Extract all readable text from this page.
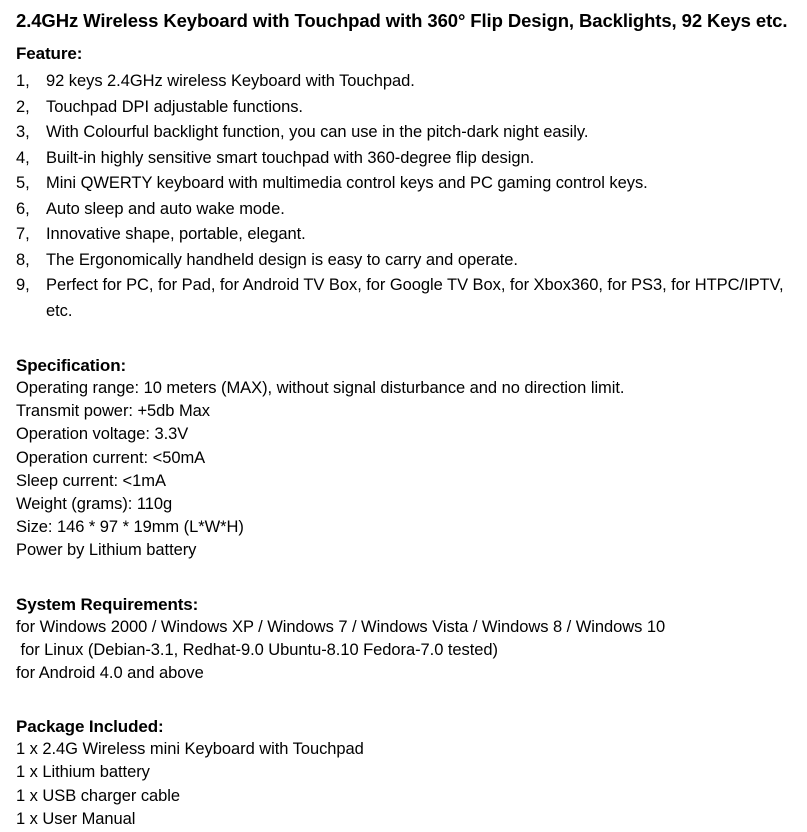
2.4GHz Wireless Keyboard with Touchpad with 360° Flip Design, Backlights, 92 Keys etc.
Feature:
1, 92 keys 2.4GHz wireless Keyboard with Touchpad.
2, Touchpad DPI adjustable functions.
3, With Colourful backlight function, you can use in the pitch-dark night easily.
4, Built-in highly sensitive smart touchpad with 360-degree flip design.
5, Mini QWERTY keyboard with multimedia control keys and PC gaming control keys.
6, Auto sleep and auto wake mode.
7, Innovative shape, portable, elegant.
8, The Ergonomically handheld design is easy to carry and operate.
9, Perfect for PC, for Pad, for Android TV Box, for Google TV Box, for Xbox360, for PS3, for HTPC/IPTV, etc.
Specification:
Operating range: 10 meters (MAX), without signal disturbance and no direction limit.
Transmit power: +5db Max
Operation voltage: 3.3V
Operation current: <50mA
Sleep current: <1mA
Weight (grams): 110g
Size: 146 * 97 * 19mm (L*W*H)
Power by Lithium battery
System Requirements:
for Windows 2000 / Windows XP / Windows 7 / Windows Vista / Windows 8 / Windows 10
for Linux (Debian-3.1, Redhat-9.0 Ubuntu-8.10 Fedora-7.0 tested)
for Android 4.0 and above
Package Included:
1 x 2.4G Wireless mini Keyboard with Touchpad
1 x Lithium battery
1 x USB charger cable
1 x User Manual
